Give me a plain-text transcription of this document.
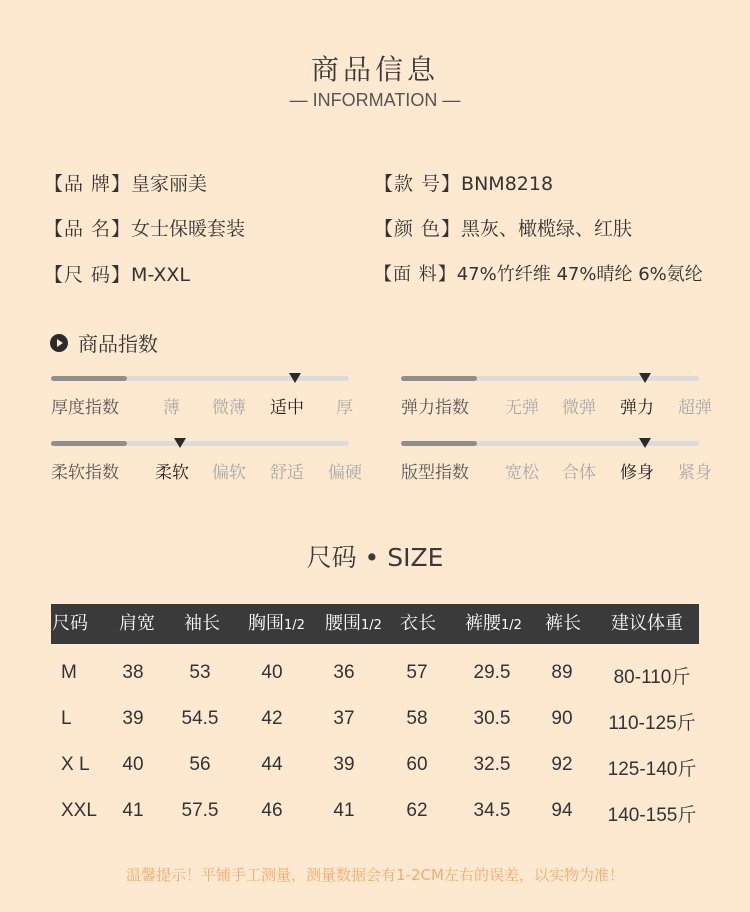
商品信息
— INFORMATION —
【品 牌】皇家丽美
【品 名】女士保暖套装
【尺 码】M-XXL
【款 号】BNM8218
【颜 色】黑灰、橄榄绿、红肤
【面 料】47%竹纤维 47%晴纶 6%氨纶
商品指数
厚度指数	薄 微薄 适中 厚	弹力指数 无弹 微弹 弹力 超弹
柔软指数 柔软 偏软 舒适 偏硬 版型指数 宽松 合体 修身 紧身
尺码 • SIZE
尺码 肩宽 袖长 胸围1/2 腰围1/2 衣长 裤腰1/2 裤长 建议体重
M	38	53	40	36	57	29.5	89	80-110斤
L	39	54.5	42	37	58	30.5	90	110-125斤
X L	40	56	44	39	60	32.5	92	125-140斤
XXL	41	57.5	46	41	62	34.5	94	140-155斤
温馨提示！平铺手工测量，测量数据会有1-2CM左右的误差，以实物为准！
